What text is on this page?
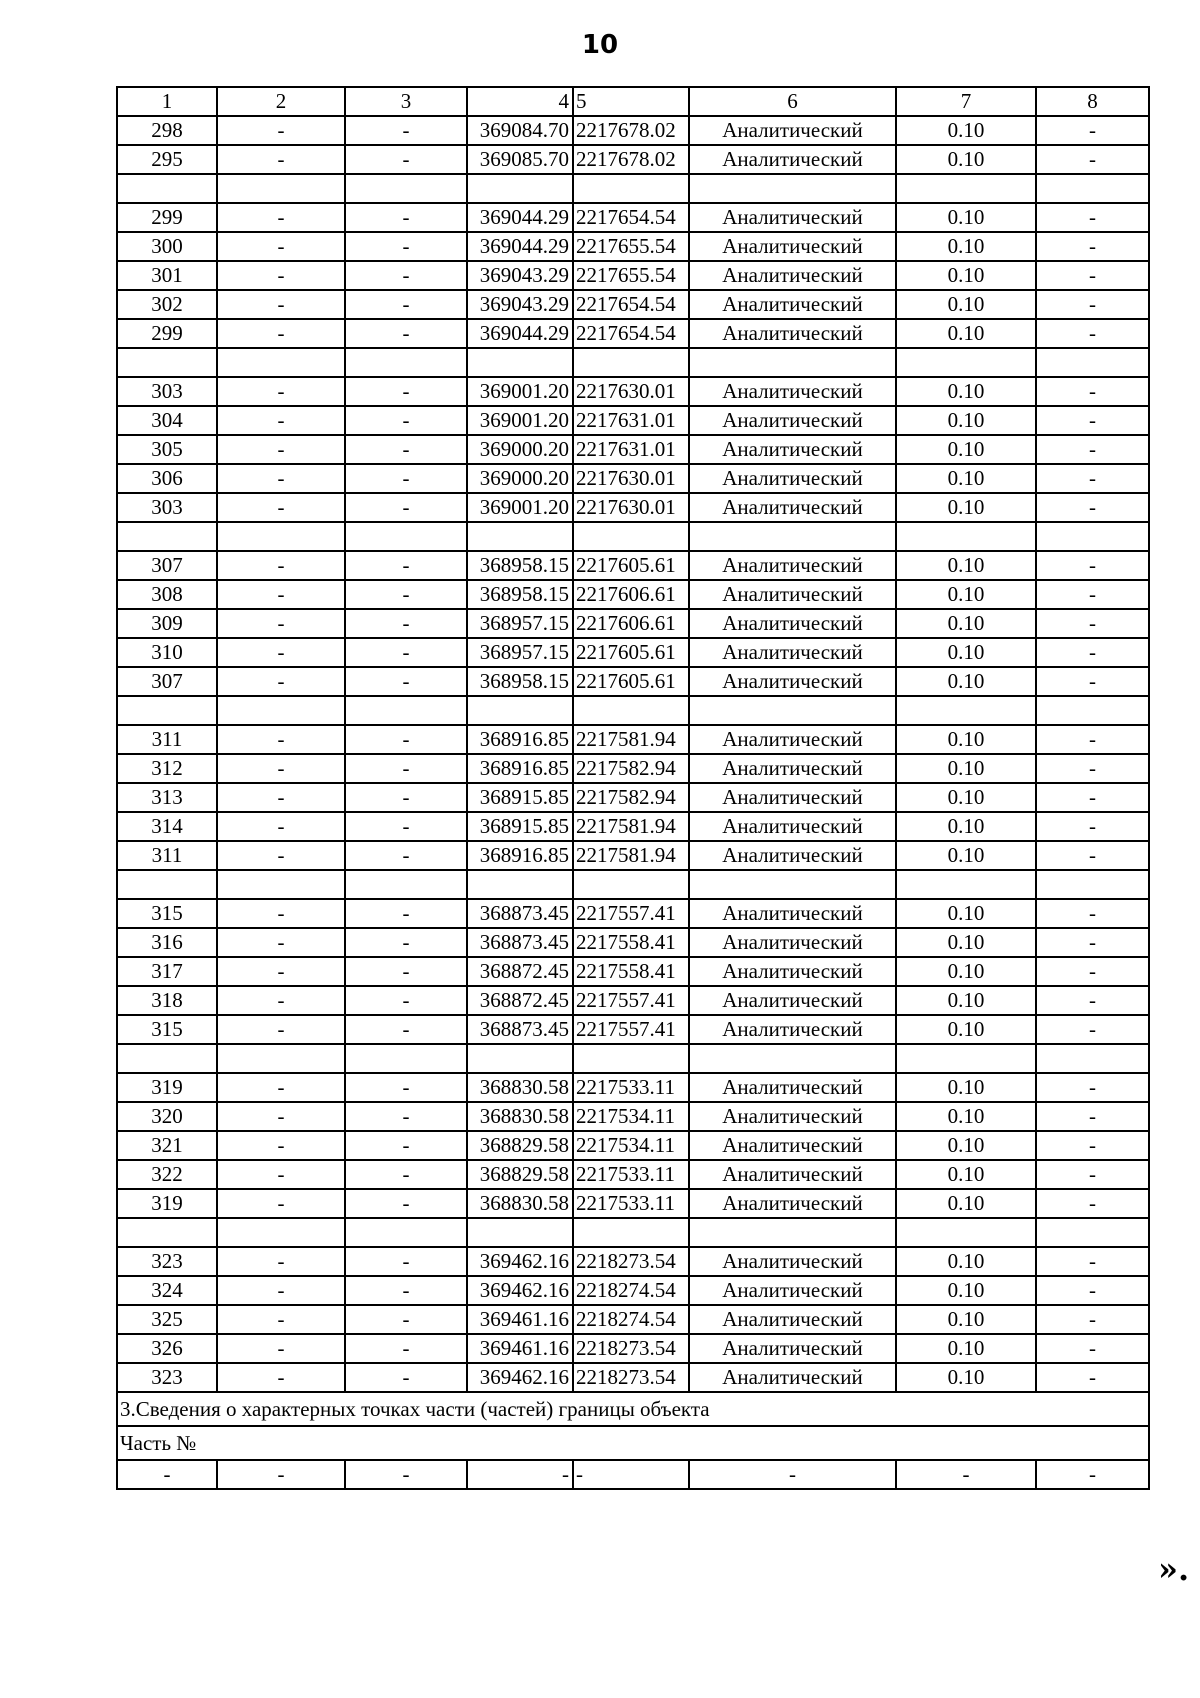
10
1	2	3	4	5	6	7	8
298	-	-	369084.70	2217678.02	Аналитический	0.10	-
295	-	-	369085.70	2217678.02	Аналитический	0.10	-

299	-	-	369044.29	2217654.54	Аналитический	0.10	-
300	-	-	369044.29	2217655.54	Аналитический	0.10	-
301	-	-	369043.29	2217655.54	Аналитический	0.10	-
302	-	-	369043.29	2217654.54	Аналитический	0.10	-
299	-	-	369044.29	2217654.54	Аналитический	0.10	-

303	-	-	369001.20	2217630.01	Аналитический	0.10	-
304	-	-	369001.20	2217631.01	Аналитический	0.10	-
305	-	-	369000.20	2217631.01	Аналитический	0.10	-
306	-	-	369000.20	2217630.01	Аналитический	0.10	-
303	-	-	369001.20	2217630.01	Аналитический	0.10	-

307	-	-	368958.15	2217605.61	Аналитический	0.10	-
308	-	-	368958.15	2217606.61	Аналитический	0.10	-
309	-	-	368957.15	2217606.61	Аналитический	0.10	-
310	-	-	368957.15	2217605.61	Аналитический	0.10	-
307	-	-	368958.15	2217605.61	Аналитический	0.10	-

311	-	-	368916.85	2217581.94	Аналитический	0.10	-
312	-	-	368916.85	2217582.94	Аналитический	0.10	-
313	-	-	368915.85	2217582.94	Аналитический	0.10	-
314	-	-	368915.85	2217581.94	Аналитический	0.10	-
311	-	-	368916.85	2217581.94	Аналитический	0.10	-

315	-	-	368873.45	2217557.41	Аналитический	0.10	-
316	-	-	368873.45	2217558.41	Аналитический	0.10	-
317	-	-	368872.45	2217558.41	Аналитический	0.10	-
318	-	-	368872.45	2217557.41	Аналитический	0.10	-
315	-	-	368873.45	2217557.41	Аналитический	0.10	-

319	-	-	368830.58	2217533.11	Аналитический	0.10	-
320	-	-	368830.58	2217534.11	Аналитический	0.10	-
321	-	-	368829.58	2217534.11	Аналитический	0.10	-
322	-	-	368829.58	2217533.11	Аналитический	0.10	-
319	-	-	368830.58	2217533.11	Аналитический	0.10	-

323	-	-	369462.16	2218273.54	Аналитический	0.10	-
324	-	-	369462.16	2218274.54	Аналитический	0.10	-
325	-	-	369461.16	2218274.54	Аналитический	0.10	-
326	-	-	369461.16	2218273.54	Аналитический	0.10	-
323	-	-	369462.16	2218273.54	Аналитический	0.10	-
3.Сведения о характерных точках части (частей) границы объекта							
Часть №							
-	-	-	-	-	-	-	-
».
